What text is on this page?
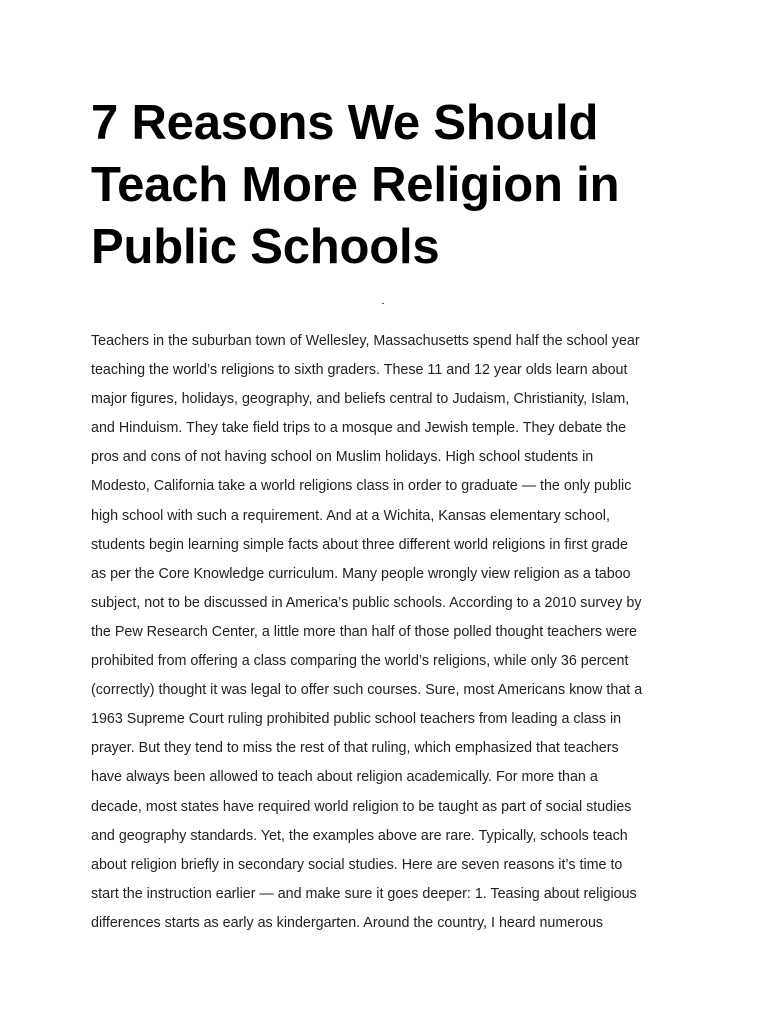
7 Reasons We Should
Teach More Religion in
Public Schools
Teachers in the suburban town of Wellesley, Massachusetts spend half the school year
teaching the world’s religions to sixth graders. These 11 and 12 year olds learn about
major figures, holidays, geography, and beliefs central to Judaism, Christianity, Islam,
and Hinduism. They take field trips to a mosque and Jewish temple. They debate the
pros and cons of not having school on Muslim holidays. High school students in
Modesto, California take a world religions class in order to graduate — the only public
high school with such a requirement. And at a Wichita, Kansas elementary school,
students begin learning simple facts about three different world religions in first grade
as per the Core Knowledge curriculum. Many people wrongly view religion as a taboo
subject, not to be discussed in America’s public schools. According to a 2010 survey by
the Pew Research Center, a little more than half of those polled thought teachers were
prohibited from offering a class comparing the world’s religions, while only 36 percent
(correctly) thought it was legal to offer such courses. Sure, most Americans know that a
1963 Supreme Court ruling prohibited public school teachers from leading a class in
prayer. But they tend to miss the rest of that ruling, which emphasized that teachers
have always been allowed to teach about religion academically. For more than a
decade, most states have required world religion to be taught as part of social studies
and geography standards. Yet, the examples above are rare. Typically, schools teach
about religion briefly in secondary social studies. Here are seven reasons it’s time to
start the instruction earlier — and make sure it goes deeper: 1. Teasing about religious
differences starts as early as kindergarten. Around the country, I heard numerous
